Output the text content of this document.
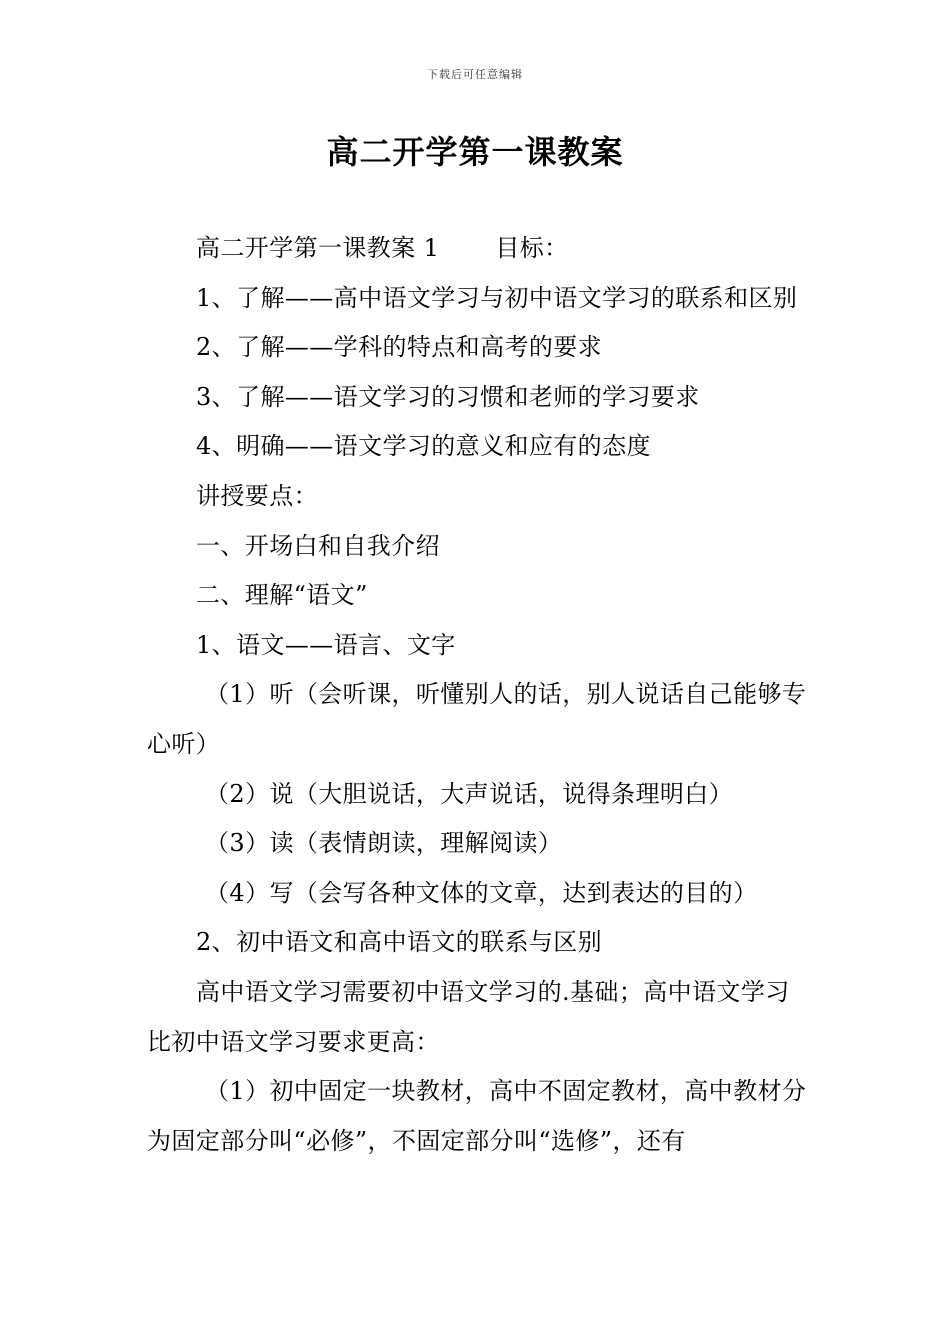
下载后可任意编辑
高二开学第一课教案

高二开学第一课教案 1 目标：

1、了解——高中语文学习与初中语文学习的联系和区别

2、了解——学科的特点和高考的要求

3、了解——语文学习的习惯和老师的学习要求

4、明确——语文学习的意义和应有的态度

讲授要点：

一、开场白和自我介绍

二、理解“语文”

1、语文——语言、文字

（1）听（会听课，听懂别人的话，别人说话自己能够专心听）

（2）说（大胆说话，大声说话，说得条理明白）

（3）读（表情朗读，理解阅读）

（4）写（会写各种文体的文章，达到表达的目的）

2、初中语文和高中语文的联系与区别

高中语文学习需要初中语文学习的.基础；高中语文学习比初中语文学习要求更高：

（1）初中固定一块教材，高中不固定教材，高中教材分为固定部分叫“必修”，不固定部分叫“选修”，还有
